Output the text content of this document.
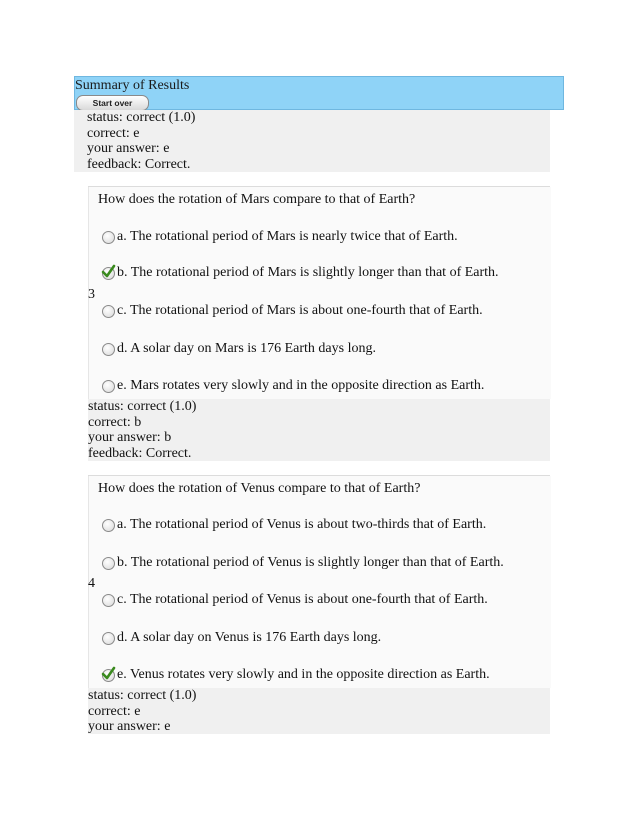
Summary of Results
Start over
status: correct (1.0)
correct: e
your answer: e
feedback: Correct.
3
How does the rotation of Mars compare to that of Earth?
a. The rotational period of Mars is nearly twice that of Earth.
b. The rotational period of Mars is slightly longer than that of Earth.
c. The rotational period of Mars is about one-fourth that of Earth.
d. A solar day on Mars is 176 Earth days long.
e. Mars rotates very slowly and in the opposite direction as Earth.
status: correct (1.0)
correct: b
your answer: b
feedback: Correct.
4
How does the rotation of Venus compare to that of Earth?
a. The rotational period of Venus is about two-thirds that of Earth.
b. The rotational period of Venus is slightly longer than that of Earth.
c. The rotational period of Venus is about one-fourth that of Earth.
d. A solar day on Venus is 176 Earth days long.
e. Venus rotates very slowly and in the opposite direction as Earth.
status: correct (1.0)
correct: e
your answer: e
